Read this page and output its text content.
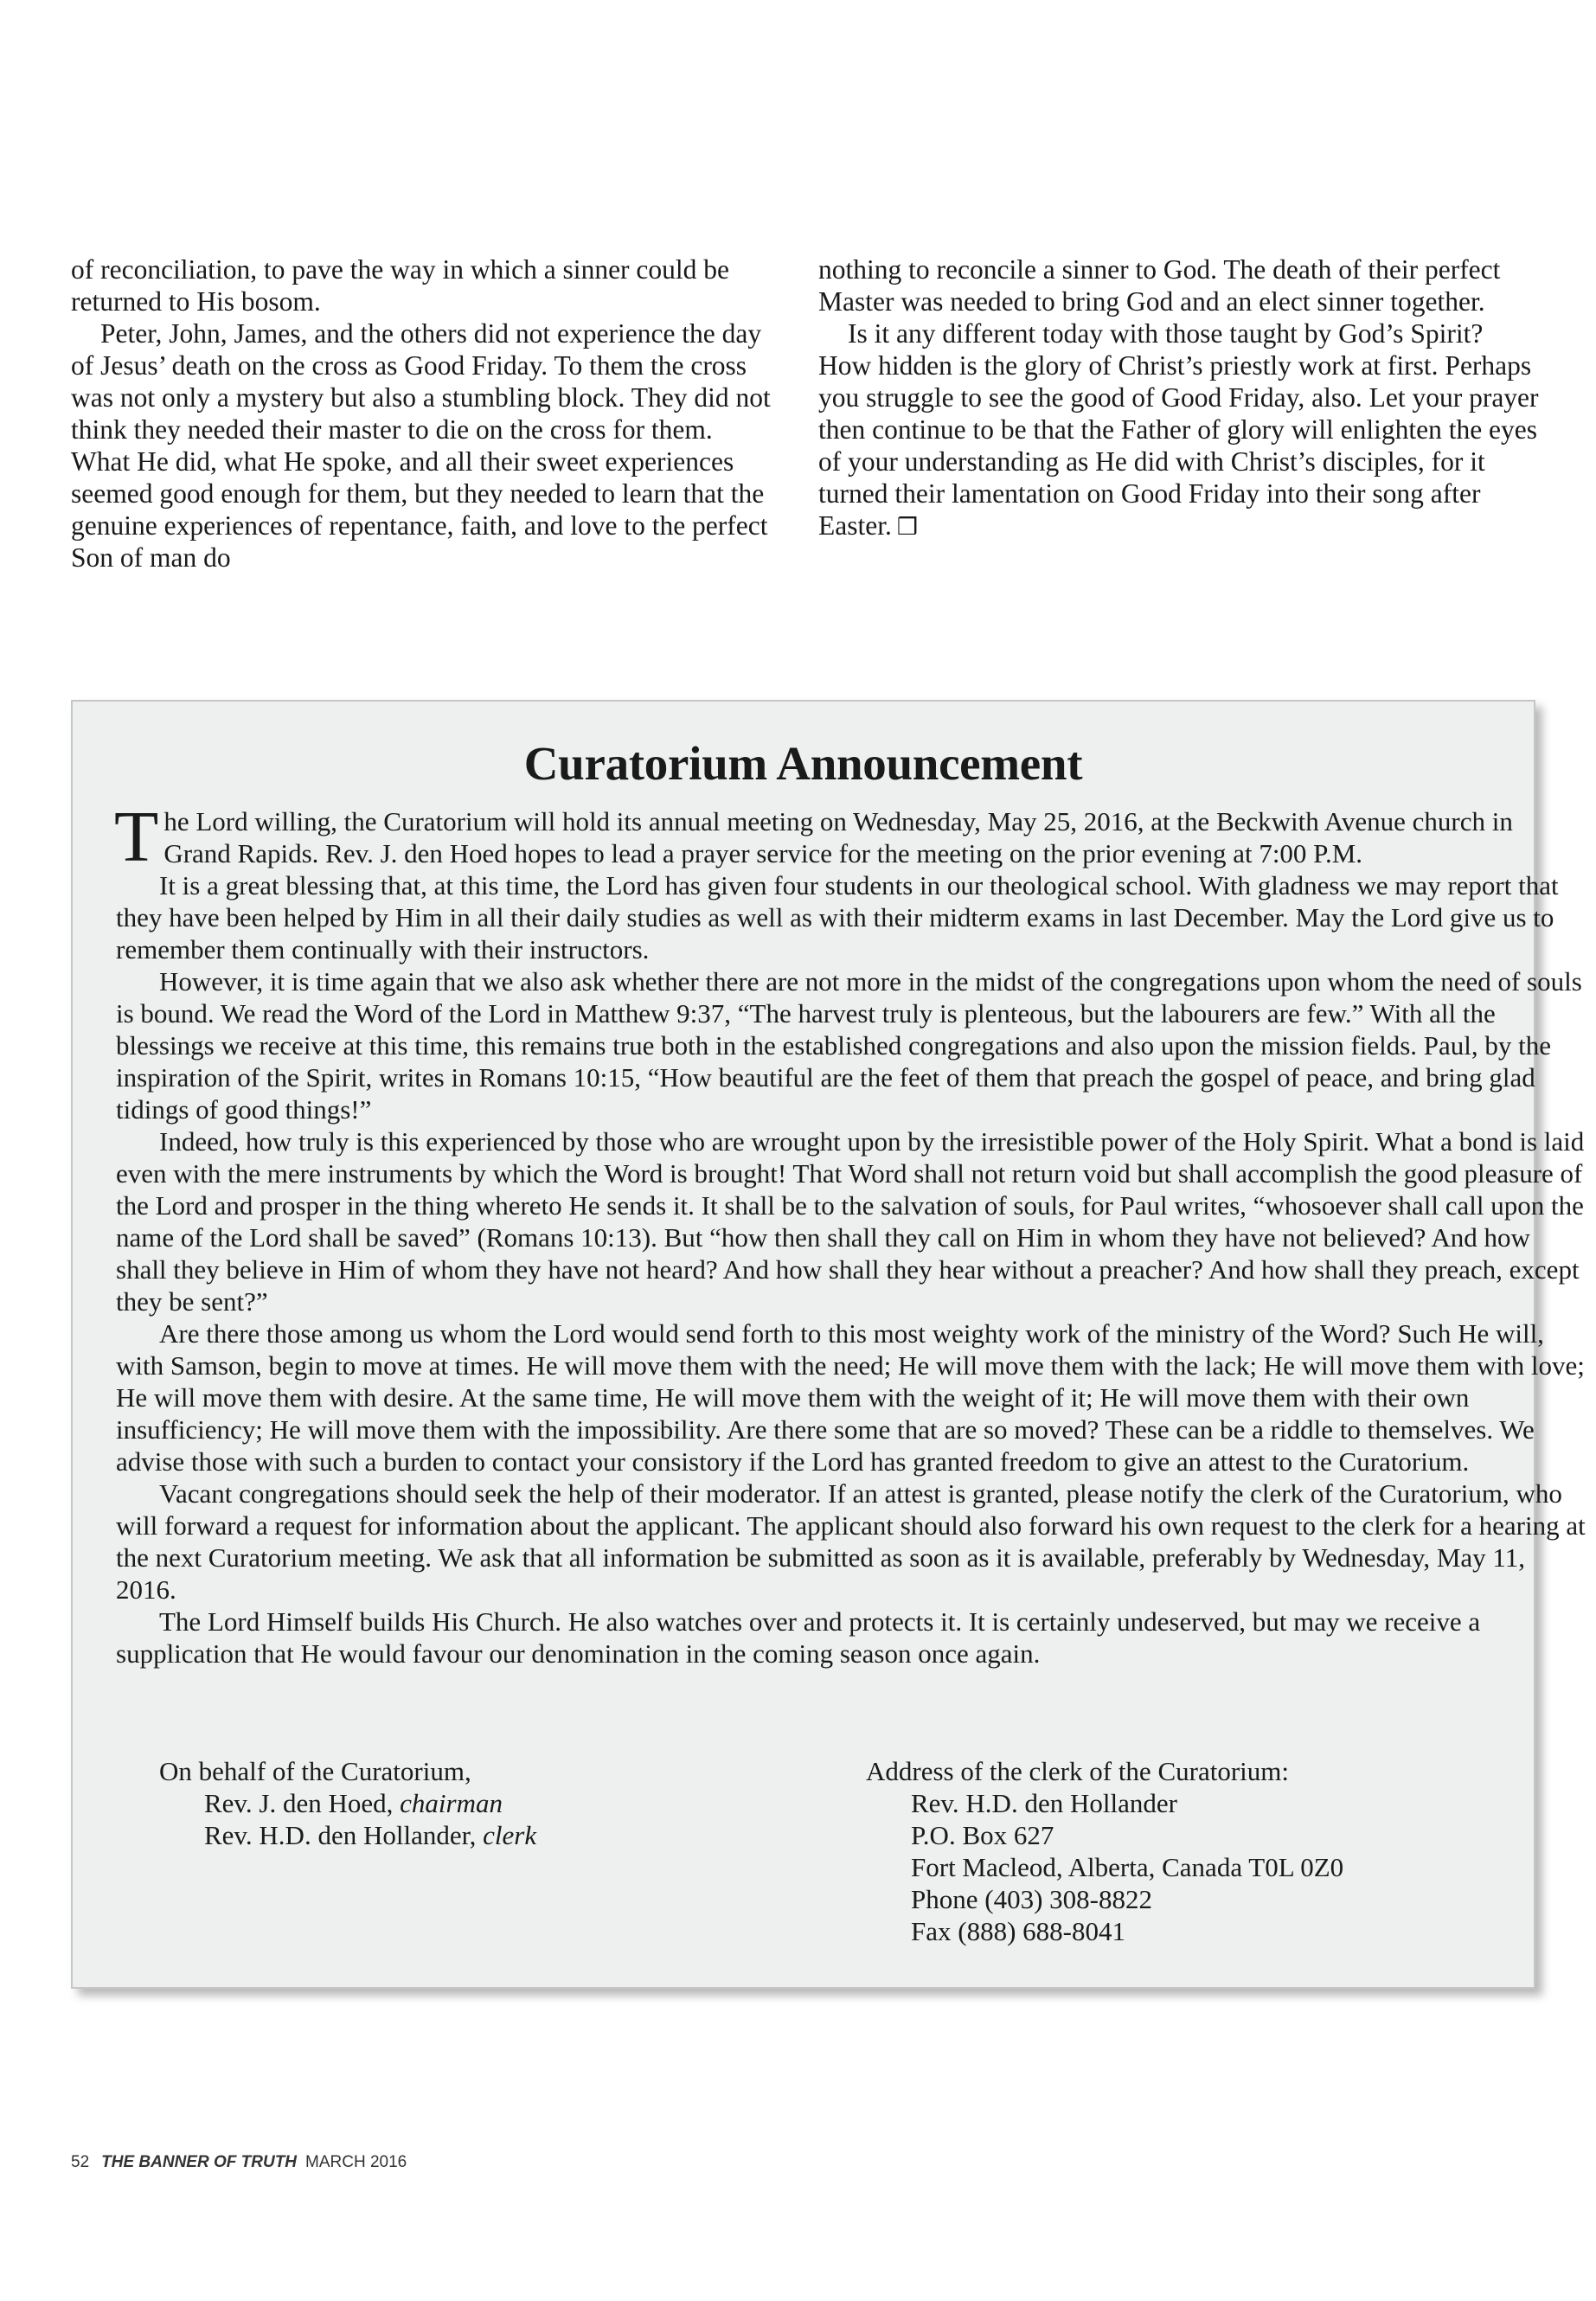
of reconciliation, to pave the way in which a sinner could be returned to His bosom.

Peter, John, James, and the others did not experience the day of Jesus’ death on the cross as Good Friday. To them the cross was not only a mystery but also a stumbling block. They did not think they needed their master to die on the cross for them. What He did, what He spoke, and all their sweet experiences seemed good enough for them, but they needed to learn that the genuine experiences of repentance, faith, and love to the perfect Son of man do

nothing to reconcile a sinner to God. The death of their perfect Master was needed to bring God and an elect sinner together.

Is it any different today with those taught by God’s Spirit? How hidden is the glory of Christ’s priestly work at first. Perhaps you struggle to see the good of Good Friday, also. Let your prayer then continue to be that the Father of glory will enlighten the eyes of your understanding as He did with Christ’s disciples, for it turned their lamentation on Good Friday into their song after Easter. ❒

Curatorium Announcement

The Lord willing, the Curatorium will hold its annual meeting on Wednesday, May 25, 2016, at the Beckwith Avenue church in Grand Rapids. Rev. J. den Hoed hopes to lead a prayer service for the meeting on the prior evening at 7:00 P.M.

It is a great blessing that, at this time, the Lord has given four students in our theological school. With gladness we may report that they have been helped by Him in all their daily studies as well as with their midterm exams in last December. May the Lord give us to remember them continually with their instructors.

However, it is time again that we also ask whether there are not more in the midst of the congregations upon whom the need of souls is bound. We read the Word of the Lord in Matthew 9:37, “The harvest truly is plenteous, but the labourers are few.” With all the blessings we receive at this time, this remains true both in the established congregations and also upon the mission fields. Paul, by the inspiration of the Spirit, writes in Romans 10:15, “How beautiful are the feet of them that preach the gospel of peace, and bring glad tidings of good things!”

Indeed, how truly is this experienced by those who are wrought upon by the irresistible power of the Holy Spirit. What a bond is laid even with the mere instruments by which the Word is brought! That Word shall not return void but shall accomplish the good pleasure of the Lord and prosper in the thing whereto He sends it. It shall be to the salvation of souls, for Paul writes, “whosoever shall call upon the name of the Lord shall be saved” (Romans 10:13). But “how then shall they call on Him in whom they have not believed? And how shall they believe in Him of whom they have not heard? And how shall they hear without a preacher? And how shall they preach, except they be sent?”

Are there those among us whom the Lord would send forth to this most weighty work of the ministry of the Word? Such He will, with Samson, begin to move at times. He will move them with the need; He will move them with the lack; He will move them with love; He will move them with desire. At the same time, He will move them with the weight of it; He will move them with their own insufficiency; He will move them with the impossibility. Are there some that are so moved? These can be a riddle to themselves. We advise those with such a burden to contact your consistory if the Lord has granted freedom to give an attest to the Curatorium.

Vacant congregations should seek the help of their moderator. If an attest is granted, please notify the clerk of the Curatorium, who will forward a request for information about the applicant. The applicant should also forward his own request to the clerk for a hearing at the next Curatorium meeting. We ask that all information be submitted as soon as it is available, preferably by Wednesday, May 11, 2016.

The Lord Himself builds His Church. He also watches over and protects it. It is certainly undeserved, but may we receive a supplication that He would favour our denomination in the coming season once again.

On behalf of the Curatorium,
Rev. J. den Hoed, chairman
Rev. H.D. den Hollander, clerk
Address of the clerk of the Curatorium:
Rev. H.D. den Hollander
P.O. Box 627
Fort Macleod, Alberta, Canada T0L 0Z0
Phone (403) 308-8822
Fax (888) 688-8041
52 THE BANNER OF TRUTH MARCH 2016
